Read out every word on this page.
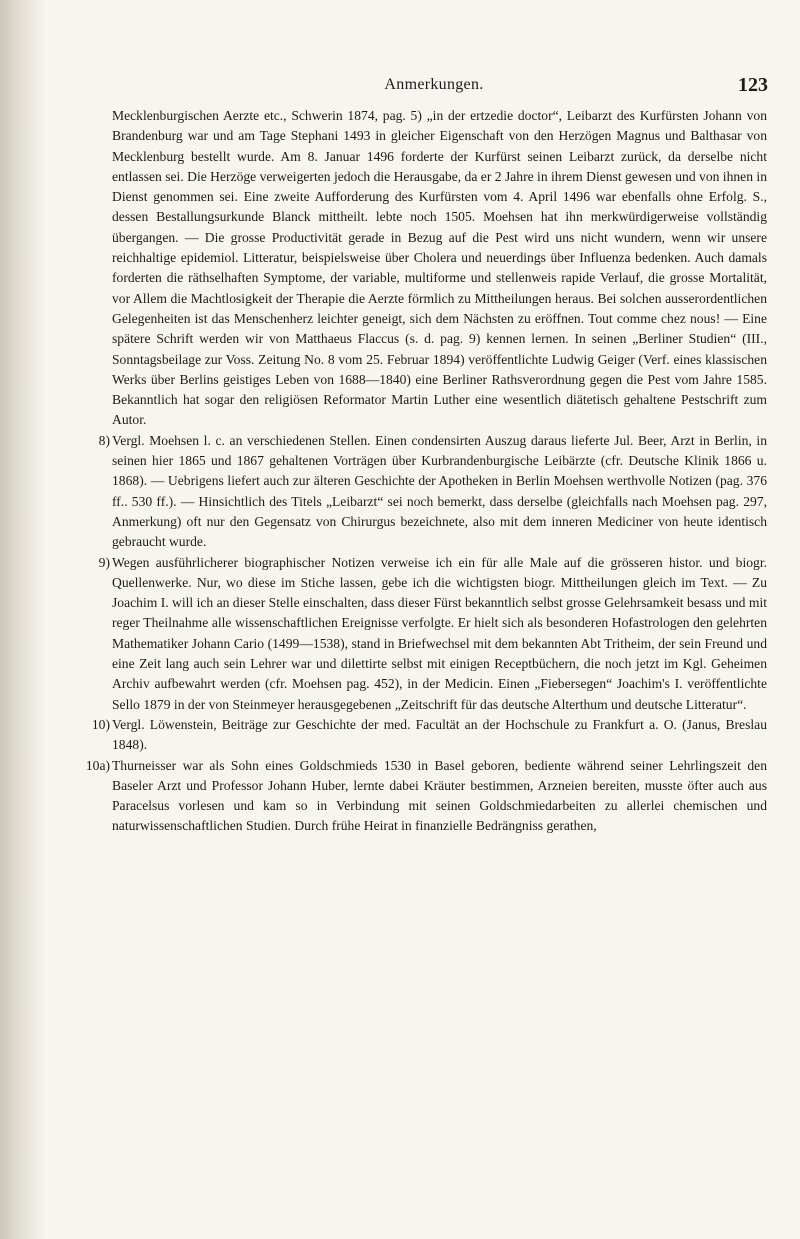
Anmerkungen.	123

Mecklenburgischen Aerzte etc., Schwerin 1874, pag. 5) „in der ertzedie doctor“, Leibarzt des Kurfürsten Johann von Brandenburg war und am Tage Stephani 1493 in gleicher Eigenschaft von den Herzögen Magnus und Balthasar von Mecklenburg bestellt wurde. Am 8. Januar 1496 forderte der Kurfürst seinen Leibarzt zurück, da derselbe nicht entlassen sei. Die Herzöge verweigerten jedoch die Herausgabe, da er 2 Jahre in ihrem Dienst gewesen und von ihnen in Dienst genommen sei. Eine zweite Aufforderung des Kurfürsten vom 4. April 1496 war ebenfalls ohne Erfolg. S., dessen Bestallungsurkunde Blanck mittheilt. lebte noch 1505. Moehsen hat ihn merkwürdigerweise vollständig übergangen. — Die grosse Productivität gerade in Bezug auf die Pest wird uns nicht wundern, wenn wir unsere reichhaltige epidemiol. Litteratur, beispielsweise über Cholera und neuerdings über Influenza bedenken. Auch damals forderten die räthselhaften Symptome, der variable, multiforme und stellenweis rapide Verlauf, die grosse Mortalität, vor Allem die Machtlosigkeit der Therapie die Aerzte förmlich zu Mittheilungen heraus. Bei solchen ausserordentlichen Gelegenheiten ist das Menschenherz leichter geneigt, sich dem Nächsten zu eröffnen. Tout comme chez nous! — Eine spätere Schrift werden wir von Matthaeus Flaccus (s. d. pag. 9) kennen lernen. In seinen „Berliner Studien“ (III., Sonntagsbeilage zur Voss. Zeitung No. 8 vom 25. Februar 1894) veröffentlichte Ludwig Geiger (Verf. eines klassischen Werks über Berlins geistiges Leben von 1688—1840) eine Berliner Rathsverordnung gegen die Pest vom Jahre 1585. Bekanntlich hat sogar den religiösen Reformator Martin Luther eine wesentlich diätetisch gehaltene Pestschrift zum Autor.

8) Vergl. Moehsen l. c. an verschiedenen Stellen. Einen condensirten Auszug daraus lieferte Jul. Beer, Arzt in Berlin, in seinen hier 1865 und 1867 gehaltenen Vorträgen über Kurbrandenburgische Leibärzte (cfr. Deutsche Klinik 1866 u. 1868). — Uebrigens liefert auch zur älteren Geschichte der Apotheken in Berlin Moehsen werthvolle Notizen (pag. 376 ff.. 530 ff.). — Hinsichtlich des Titels „Leibarzt“ sei noch bemerkt, dass derselbe (gleichfalls nach Moehsen pag. 297, Anmerkung) oft nur den Gegensatz von Chirurgus bezeichnete, also mit dem inneren Mediciner von heute identisch gebraucht wurde.

9) Wegen ausführlicherer biographischer Notizen verweise ich ein für alle Male auf die grösseren histor. und biogr. Quellenwerke. Nur, wo diese im Stiche lassen, gebe ich die wichtigsten biogr. Mittheilungen gleich im Text. — Zu Joachim I. will ich an dieser Stelle einschalten, dass dieser Fürst bekanntlich selbst grosse Gelehrsamkeit besass und mit reger Theilnahme alle wissenschaftlichen Ereignisse verfolgte. Er hielt sich als besonderen Hofastrologen den gelehrten Mathematiker Johann Cario (1499—1538), stand in Briefwechsel mit dem bekannten Abt Tritheim, der sein Freund und eine Zeit lang auch sein Lehrer war und dilettirte selbst mit einigen Receptbüchern, die noch jetzt im Kgl. Geheimen Archiv aufbewahrt werden (cfr. Moehsen pag. 452), in der Medicin. Einen „Fiebersegen“ Joachim's I. veröffentlichte Sello 1879 in der von Steinmeyer herausgegebenen „Zeitschrift für das deutsche Alterthum und deutsche Litteratur“.

10) Vergl. Löwenstein, Beiträge zur Geschichte der med. Facultät an der Hochschule zu Frankfurt a. O. (Janus, Breslau 1848).

10a) Thurneisser war als Sohn eines Goldschmieds 1530 in Basel geboren, bediente während seiner Lehrlingszeit den Baseler Arzt und Professor Johann Huber, lernte dabei Kräuter bestimmen, Arzneien bereiten, musste öfter auch aus Paracelsus vorlesen und kam so in Verbindung mit seinen Goldschmiedarbeiten zu allerlei chemischen und naturwissenschaftlichen Studien. Durch frühe Heirat in finanzielle Bedrängniss gerathen,
